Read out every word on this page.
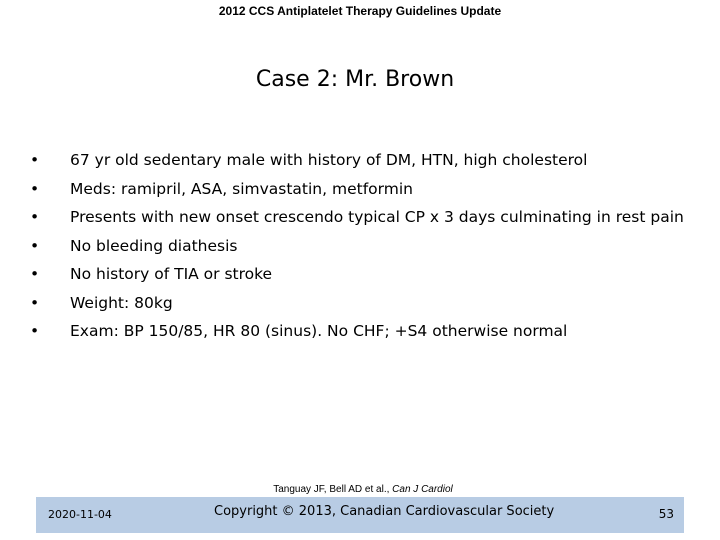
2012 CCS Antiplatelet Therapy Guidelines Update
Case 2: Mr. Brown
• 67 yr old sedentary male with history of DM, HTN, high cholesterol
• Meds: ramipril, ASA, simvastatin, metformin
• Presents with new onset crescendo typical CP x 3 days culminating in rest pain
• No bleeding diathesis
• No history of TIA or stroke
• Weight: 80kg
• Exam: BP 150/85, HR 80 (sinus). No CHF; +S4 otherwise normal
Tanguay JF, Bell AD et al., Can J Cardiol
2020-11-04	Copyright © 2013, Canadian Cardiovascular Society	53
